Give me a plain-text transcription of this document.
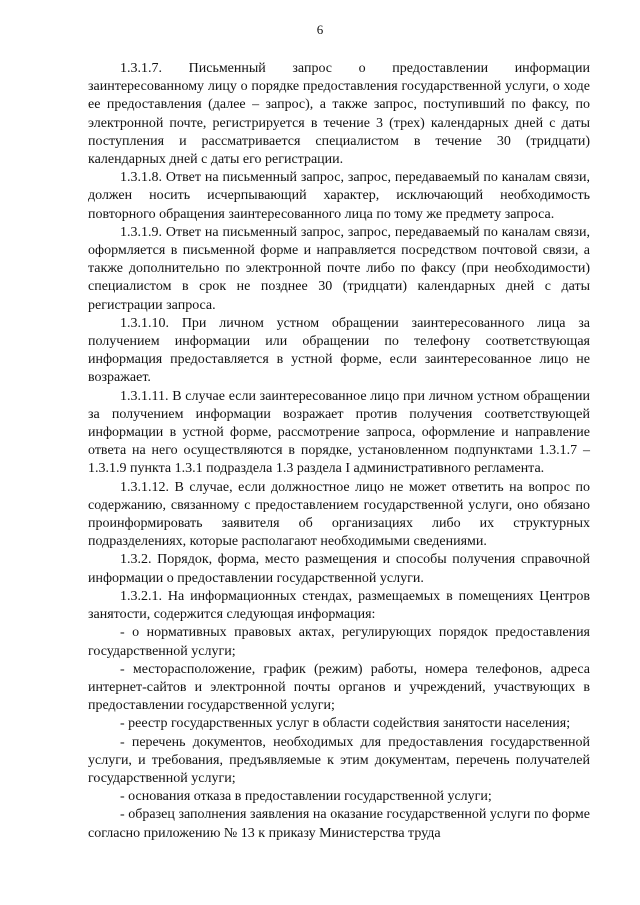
6

1.3.1.7. Письменный запрос о предоставлении информации заинтересованному лицу о порядке предоставления государственной услуги, о ходе ее предоставления (далее – запрос), а также запрос, поступивший по факсу, по электронной почте, регистрируется в течение 3 (трех) календарных дней с даты поступления и рассматривается специалистом в течение 30 (тридцати) календарных дней с даты его регистрации.

1.3.1.8. Ответ на письменный запрос, запрос, передаваемый по каналам связи, должен носить исчерпывающий характер, исключающий необходимость повторного обращения заинтересованного лица по тому же предмету запроса.

1.3.1.9. Ответ на письменный запрос, запрос, передаваемый по каналам связи, оформляется в письменной форме и направляется посредством почтовой связи, а также дополнительно по электронной почте либо по факсу (при необходимости) специалистом в срок не позднее 30 (тридцати) календарных дней с даты регистрации запроса.

1.3.1.10. При личном устном обращении заинтересованного лица за получением информации или обращении по телефону соответствующая информация предоставляется в устной форме, если заинтересованное лицо не возражает.

1.3.1.11. В случае если заинтересованное лицо при личном устном обращении за получением информации возражает против получения соответствующей информации в устной форме, рассмотрение запроса, оформление и направление ответа на него осуществляются в порядке, установленном подпунктами 1.3.1.7 – 1.3.1.9 пункта 1.3.1 подраздела 1.3 раздела I административного регламента.

1.3.1.12. В случае, если должностное лицо не может ответить на вопрос по содержанию, связанному с предоставлением государственной услуги, оно обязано проинформировать заявителя об организациях либо их структурных подразделениях, которые располагают необходимыми сведениями.

1.3.2. Порядок, форма, место размещения и способы получения справочной информации о предоставлении государственной услуги.

1.3.2.1. На информационных стендах, размещаемых в помещениях Центров занятости, содержится следующая информация:

- о нормативных правовых актах, регулирующих порядок предоставления государственной услуги;

- месторасположение, график (режим) работы, номера телефонов, адреса интернет-сайтов и электронной почты органов и учреждений, участвующих в предоставлении государственной услуги;

- реестр государственных услуг в области содействия занятости населения;

- перечень документов, необходимых для предоставления государственной услуги, и требования, предъявляемые к этим документам, перечень получателей государственной услуги;

- основания отказа в предоставлении государственной услуги;

- образец заполнения заявления на оказание государственной услуги по форме согласно приложению № 13 к приказу Министерства труда
